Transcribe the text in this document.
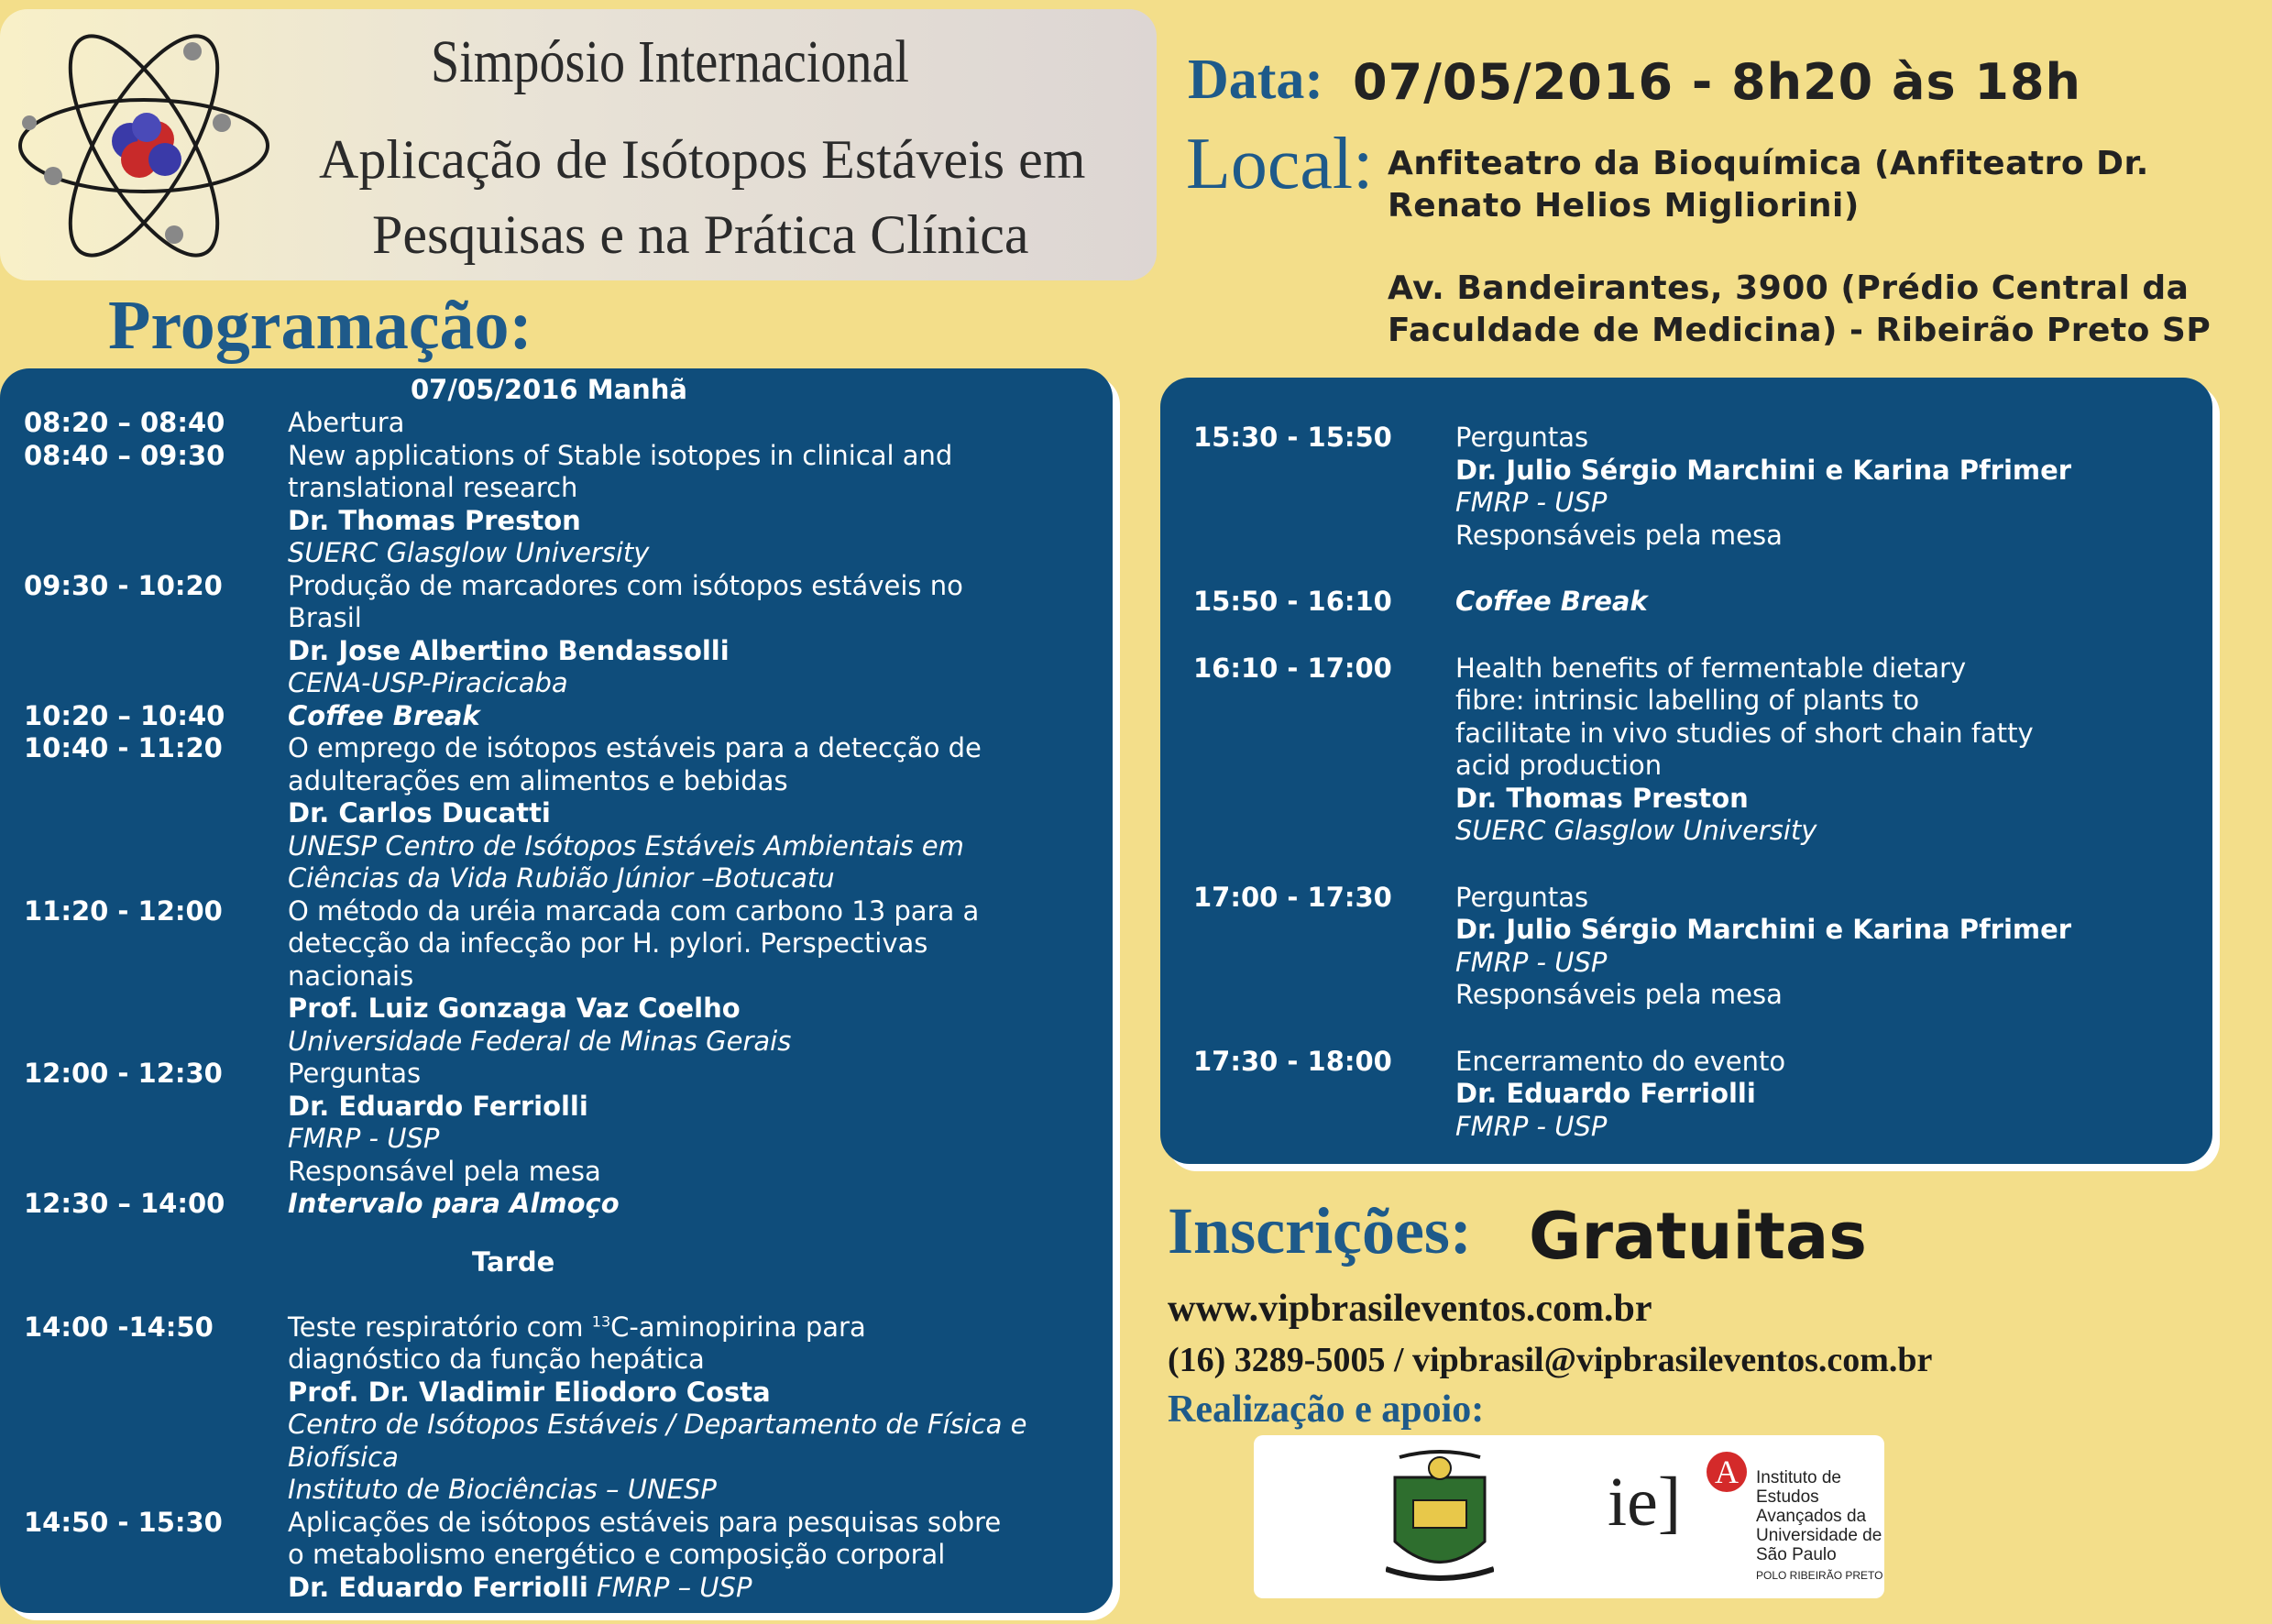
Simpósio Internacional
Aplicação de Isótopos Estáveis em
Pesquisas e na Prática Clínica
Programação:
Data: 07/05/2016 - 8h20 às 18h
Local: Anfiteatro da Bioquímica (Anfiteatro Dr.
Renato Helios Migliorini)
Av. Bandeirantes, 3900 (Prédio Central da
Faculdade de Medicina) - Ribeirão Preto SP
07/05/2016 Manhã
08:20 – 08:40 Abertura
08:40 – 09:30 New applications of Stable isotopes in clinical and
translational research
Dr. Thomas Preston
SUERC Glasglow University
09:30 - 10:20 Produção de marcadores com isótopos estáveis no
Brasil
Dr. Jose Albertino Bendassolli
CENA-USP-Piracicaba
10:20 – 10:40 Coffee Break
10:40 - 11:20 O emprego de isótopos estáveis para a detecção de
adulterações em alimentos e bebidas
Dr. Carlos Ducatti
UNESP Centro de Isótopos Estáveis Ambientais em
Ciências da Vida Rubião Júnior –Botucatu
11:20 - 12:00 O método da uréia marcada com carbono 13 para a
detecção da infecção por H. pylori. Perspectivas
nacionais
Prof. Luiz Gonzaga Vaz Coelho
Universidade Federal de Minas Gerais
12:00 - 12:30 Perguntas
Dr. Eduardo Ferriolli
FMRP - USP
Responsável pela mesa
12:30 – 14:00 Intervalo para Almoço
Tarde
14:00 -14:50	Teste respiratório com $^{13}$C-aminopirina para
diagnóstico da função hepática
Prof. Dr. Vladimir Eliodoro Costa
Centro de Isótopos Estáveis / Departamento de Física e
Biofísica
Instituto de Biociências – UNESP
14:50 - 15:30 Aplicações de isótopos estáveis para pesquisas sobre
o metabolismo energético e composição corporal
Dr. Eduardo Ferriolli FMRP – USP
15:30 - 15:50 Perguntas
Dr. Julio Sérgio Marchini e Karina Pfrimer
FMRP - USP
Responsáveis pela mesa
15:50 - 16:10 Coffee Break
16:10 - 17:00 Health benefits of fermentable dietary
fibre: intrinsic labelling of plants to
facilitate in vivo studies of short chain fatty
acid production
Dr. Thomas Preston
SUERC Glasglow University
17:00 - 17:30 Perguntas
Dr. Julio Sérgio Marchini e Karina Pfrimer
FMRP - USP
Responsáveis pela mesa
17:30 - 18:00 Encerramento do evento
Dr. Eduardo Ferriolli
FMRP - USP
Inscrições: Gratuitas
www.vipbrasileventos.com.br
(16) 3289-5005 / vipbrasil@vipbrasileventos.com.br
Realização e apoio:
ie] A	Instituto de
Estudos
Avançados da
Universidade de
São Paulo
POLO RIBEIRÃO PRETO
